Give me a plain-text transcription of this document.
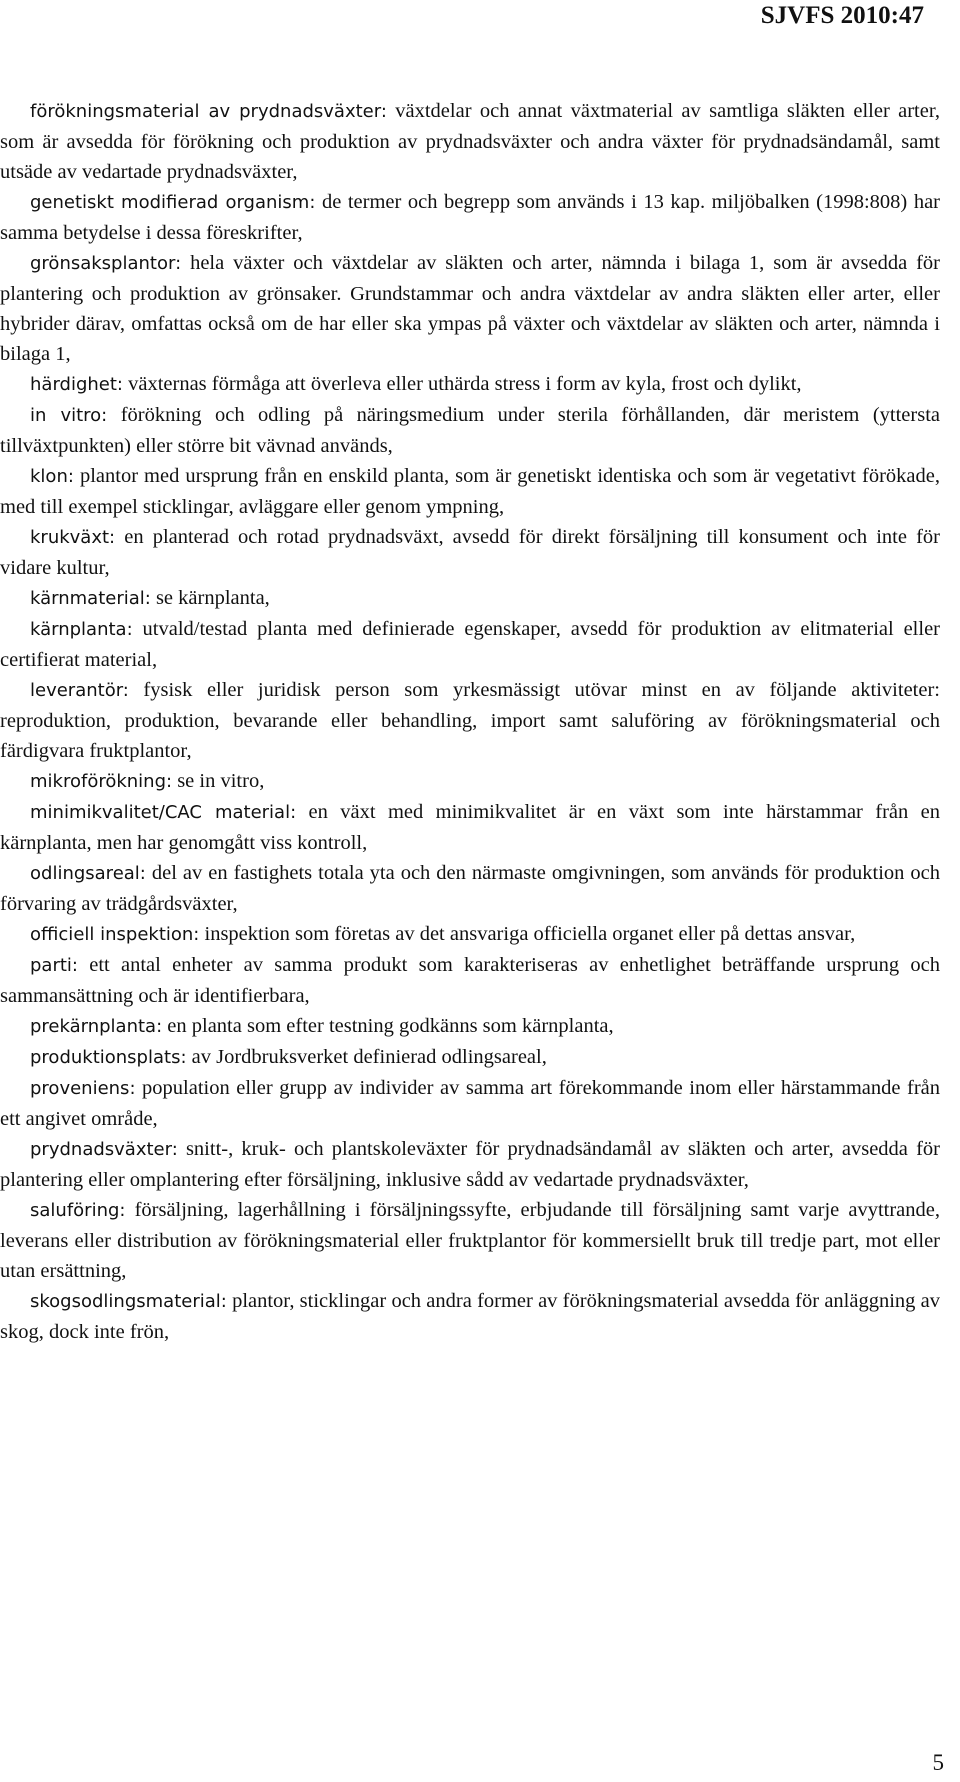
SJVFS 2010:47

förökningsmaterial av prydnadsväxter: växtdelar och annat växtmaterial av samtliga släkten eller arter, som är avsedda för förökning och produktion av prydnadsväxter och andra växter för prydnadsändamål, samt utsäde av vedartade prydnadsväxter,

genetiskt modifierad organism: de termer och begrepp som används i 13 kap. miljöbalken (1998:808) har samma betydelse i dessa föreskrifter,

grönsaksplantor: hela växter och växtdelar av släkten och arter, nämnda i bilaga 1, som är avsedda för plantering och produktion av grönsaker. Grundstammar och andra växtdelar av andra släkten eller arter, eller hybrider därav, omfattas också om de har eller ska ympas på växter och växtdelar av släkten och arter, nämnda i bilaga 1,

härdighet: växternas förmåga att överleva eller uthärda stress i form av kyla, frost och dylikt,

in vitro: förökning och odling på näringsmedium under sterila förhållanden, där meristem (yttersta tillväxtpunkten) eller större bit vävnad används,

klon: plantor med ursprung från en enskild planta, som är genetiskt identiska och som är vegetativt förökade, med till exempel sticklingar, avläggare eller genom ympning,

krukväxt: en planterad och rotad prydnadsväxt, avsedd för direkt försäljning till konsument och inte för vidare kultur,

kärnmaterial: se kärnplanta,

kärnplanta: utvald/testad planta med definierade egenskaper, avsedd för produktion av elitmaterial eller certifierat material,

leverantör: fysisk eller juridisk person som yrkesmässigt utövar minst en av följande aktiviteter: reproduktion, produktion, bevarande eller behandling, import samt saluföring av förökningsmaterial och färdigvara fruktplantor,

mikroförökning: se in vitro,

minimikvalitet/CAC material: en växt med minimikvalitet är en växt som inte härstammar från en kärnplanta, men har genomgått viss kontroll,

odlingsareal: del av en fastighets totala yta och den närmaste omgivningen, som används för produktion och förvaring av trädgårdsväxter,

officiell inspektion: inspektion som företas av det ansvariga officiella organet eller på dettas ansvar,

parti: ett antal enheter av samma produkt som karakteriseras av enhetlighet beträffande ursprung och sammansättning och är identifierbara,

prekärnplanta: en planta som efter testning godkänns som kärnplanta,

produktionsplats: av Jordbruksverket definierad odlingsareal,

proveniens: population eller grupp av individer av samma art förekommande inom eller härstammande från ett angivet område,

prydnadsväxter: snitt-, kruk- och plantskoleväxter för prydnadsändamål av släkten och arter, avsedda för plantering eller omplantering efter försäljning, inklusive sådd av vedartade prydnadsväxter,

saluföring: försäljning, lagerhållning i försäljningssyfte, erbjudande till försäljning samt varje avyttrande, leverans eller distribution av förökningsmaterial eller fruktplantor för kommersiellt bruk till tredje part, mot eller utan ersättning,

skogsodlingsmaterial: plantor, sticklingar och andra former av förökningsmaterial avsedda för anläggning av skog, dock inte frön,

5
